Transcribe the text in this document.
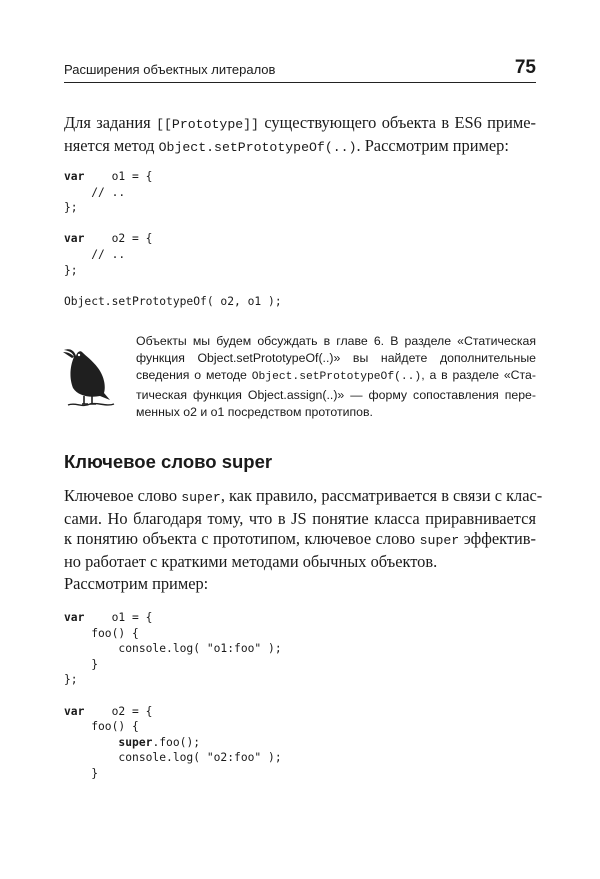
Расширения объектных литералов	75
Для задания [[Prototype]] существующего объекта в ES6 приме-
няется метод Object.setPrototypeOf(..). Рассмотрим пример:
var    o1 = {
// ..
};

var    o2 = {
// ..
};

Object.setPrototypeOf( o2, o1 );
Объекты мы будем обсуждать в главе 6. В разделе «Статическая
функция Object.setPrototypeOf(..)» вы найдете дополнительные
сведения о методе Object.setPrototypeOf(..), а в разделе «Ста-
тическая функция Object.assign(..)» — форму сопоставления пере-
менных o2 и o1 посредством прототипов.
Ключевое слово super
Ключевое слово super, как правило, рассматривается в связи с клас-
сами. Но благодаря тому, что в JS понятие класса приравнивается
к понятию объекта с прототипом, ключевое слово super эффектив-
но работает с краткими методами обычных объектов.
Рассмотрим пример:
var    o1 = {
foo() {
console.log( "o1:foo" );
}
};

var    o2 = {
foo() {
super.foo();
console.log( "o2:foo" );
}
